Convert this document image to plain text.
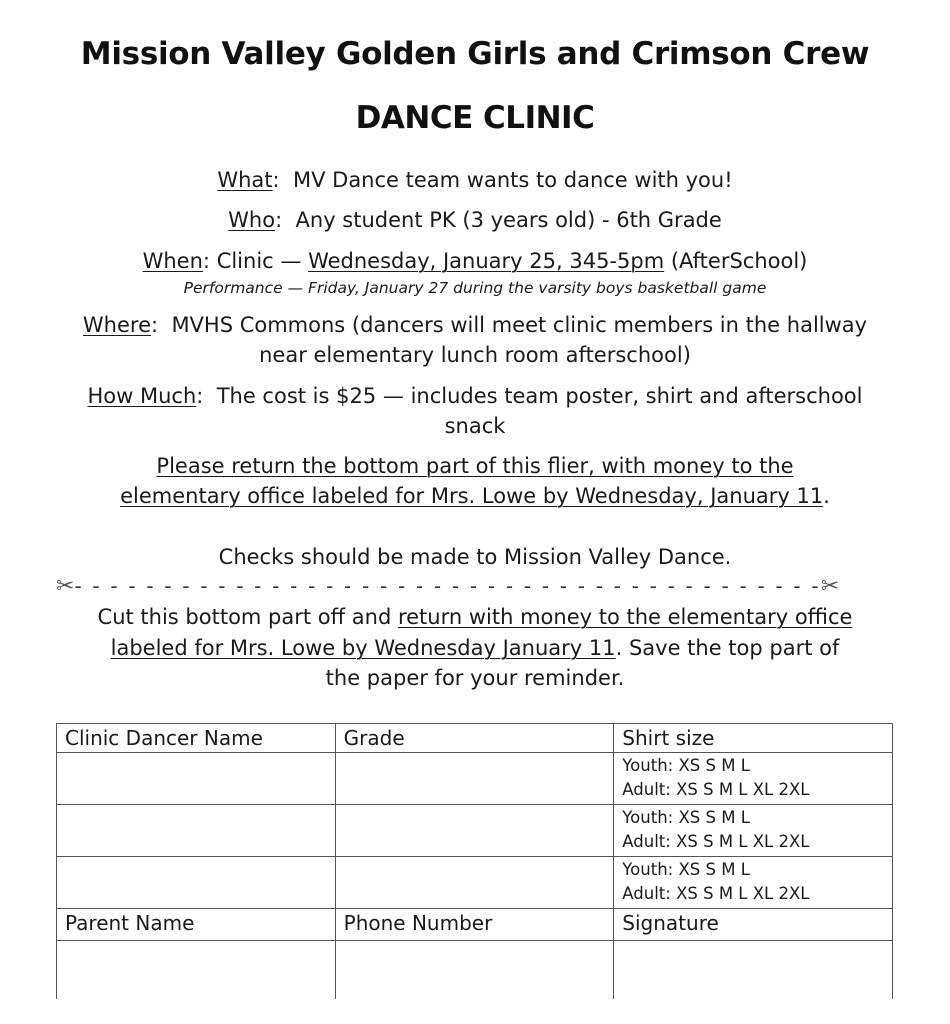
Mission Valley Golden Girls and Crimson Crew
DANCE CLINIC
What:  MV Dance team wants to dance with you!
Who:  Any student PK (3 years old) - 6th Grade
When: Clinic — Wednesday, January 25, 345-5pm (AfterSchool)
Performance — Friday, January 27 during the varsity boys basketball game
Where:  MVHS Commons (dancers will meet clinic members in the hallway
near elementary lunch room afterschool)
How Much:  The cost is $25 — includes team poster, shirt and afterschool
snack
Please return the bottom part of this flier, with money to the
elementary office labeled for Mrs. Lowe by Wednesday, January 11.
Checks should be made to Mission Valley Dance.
✂- - - - - - - - - - - - - - - - - - - - - - - - - - - - - - - - - - - - - - - - - -✂
Cut this bottom part off and return with money to the elementary office
labeled for Mrs. Lowe by Wednesday January 11. Save the top part of
the paper for your reminder.
Clinic Dancer Name	Grade	Shirt size

		Youth: XS S M L
Adult: XS S M L XL 2XL

		Youth: XS S M L
Adult: XS S M L XL 2XL

		Youth: XS S M L
Adult: XS S M L XL 2XL

Parent Name	Phone Number	Signature
